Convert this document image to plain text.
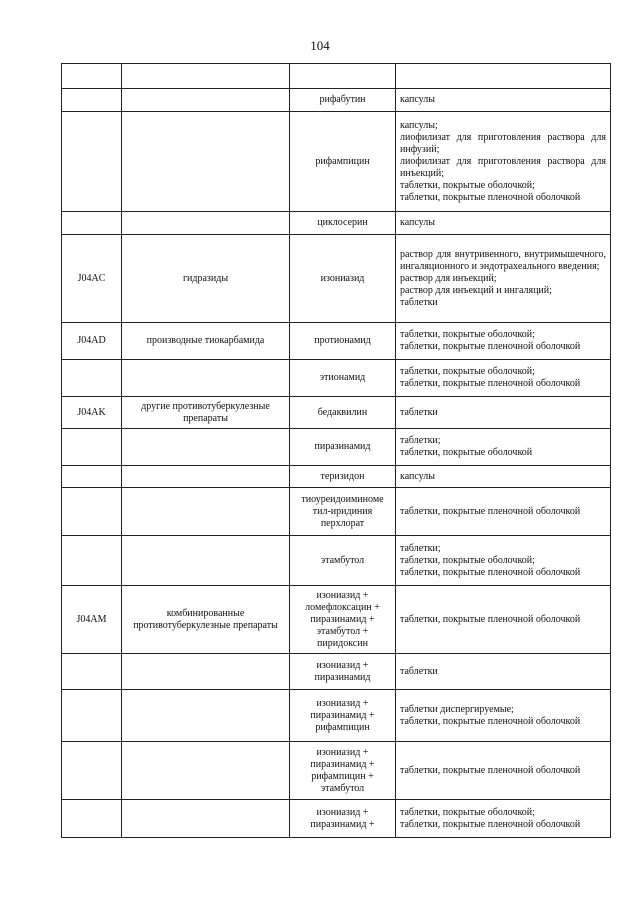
104

		рифабутин	капсулы
		рифампицин	капсулы;
лиофилизат для приготовления раствора для инфузий;
лиофилизат для приготовления раствора для инъекций;
таблетки, покрытые оболочкой;
таблетки, покрытые пленочной оболочкой
		циклосерин	капсулы
J04AC	гидразиды	изониазид	раствор для внутривенного, внутримышечного, ингаляционного и эндотрахеального введения;
раствор для инъекций;
раствор для инъекций и ингаляций;
таблетки
J04AD	производные тиокарбамида	протионамид	таблетки, покрытые оболочкой;
таблетки, покрытые пленочной оболочкой
		этионамид	таблетки, покрытые оболочкой;
таблетки, покрытые пленочной оболочкой
J04AK	другие противотуберкулезные препараты	бедаквилин	таблетки
		пиразинамид	таблетки;
таблетки, покрытые оболочкой
		теризидон	капсулы
		тиоуреидоиминоме тил-иридиния перхлорат	таблетки, покрытые пленочной оболочкой
		этамбутол	таблетки;
таблетки, покрытые оболочкой;
таблетки, покрытые пленочной оболочкой
J04AM	комбинированные противотуберкулезные препараты	изониазид + ломефлоксацин + пиразинамид + этамбутол + пиридоксин	таблетки, покрытые пленочной оболочкой
		изониазид + пиразинамид	таблетки
		изониазид + пиразинамид + рифампицин	таблетки диспергируемые;
таблетки, покрытые пленочной оболочкой
		изониазид + пиразинамид + рифампицин + этамбутол	таблетки, покрытые пленочной оболочкой
		изониазид + пиразинамид +	таблетки, покрытые оболочкой;
таблетки, покрытые пленочной оболочкой
